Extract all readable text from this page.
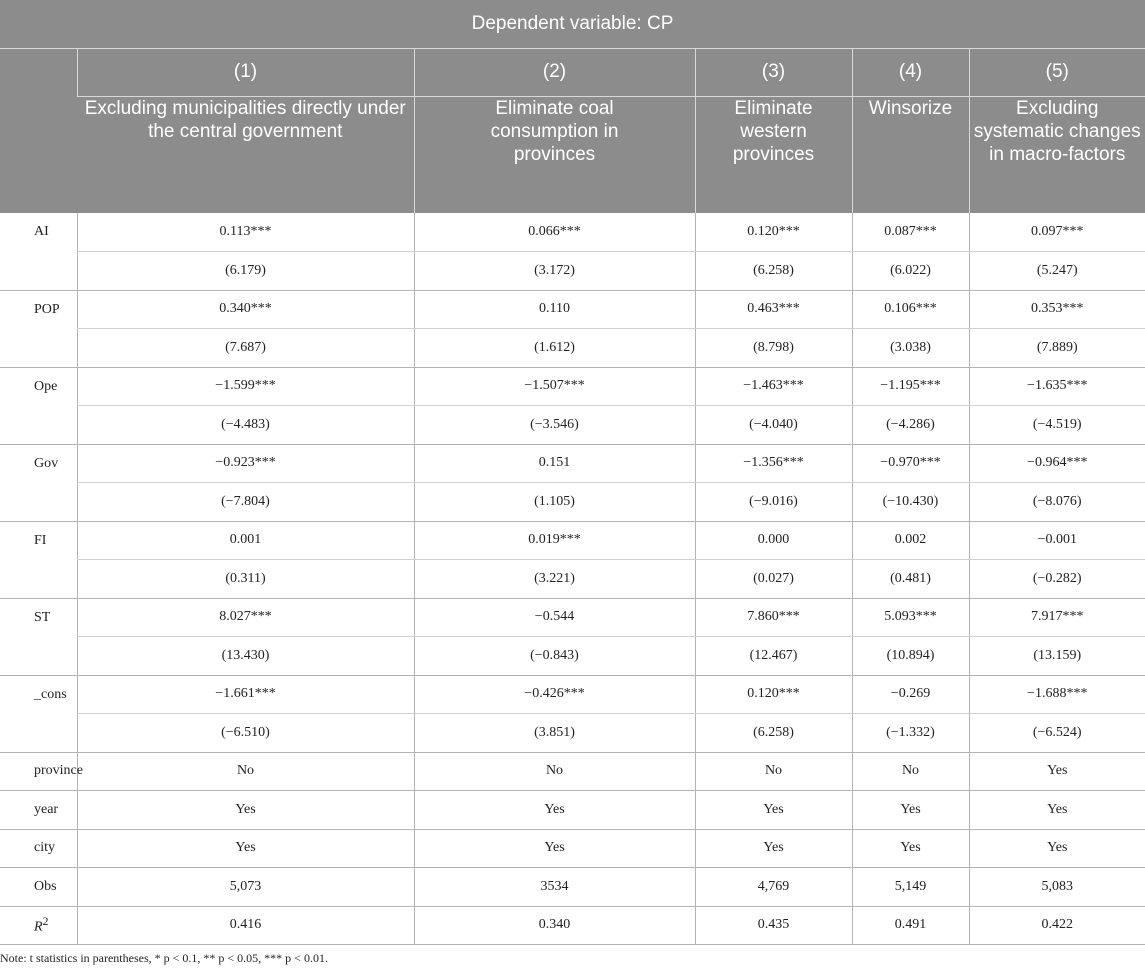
Dependent variable: CP					
	(1)	(2)	(3)	(4)	(5)
	Excluding municipalities directly under the central government	Eliminate coal consumption in provinces	Eliminate western provinces	Winsorize	Excluding systematic changes in macro-factors
AI	0.113***	0.066***	0.120***	0.087***	0.097***
	(6.179)	(3.172)	(6.258)	(6.022)	(5.247)
POP	0.340***	0.110	0.463***	0.106***	0.353***
	(7.687)	(1.612)	(8.798)	(3.038)	(7.889)
Ope	−1.599***	−1.507***	−1.463***	−1.195***	−1.635***
	(−4.483)	(−3.546)	(−4.040)	(−4.286)	(−4.519)
Gov	−0.923***	0.151	−1.356***	−0.970***	−0.964***
	(−7.804)	(1.105)	(−9.016)	(−10.430)	(−8.076)
FI	0.001	0.019***	0.000	0.002	−0.001
	(0.311)	(3.221)	(0.027)	(0.481)	(−0.282)
ST	8.027***	−0.544	7.860***	5.093***	7.917***
	(13.430)	(−0.843)	(12.467)	(10.894)	(13.159)
_cons	−1.661***	−0.426***	0.120***	−0.269	−1.688***
	(−6.510)	(3.851)	(6.258)	(−1.332)	(−6.524)
province	No	No	No	No	Yes
year	Yes	Yes	Yes	Yes	Yes
city	Yes	Yes	Yes	Yes	Yes
Obs	5,073	3534	4,769	5,149	5,083
$R^2$	0.416	0.340	0.435	0.491	0.422
Note: t statistics in parentheses, * p < 0.1, ** p < 0.05, *** p < 0.01.
